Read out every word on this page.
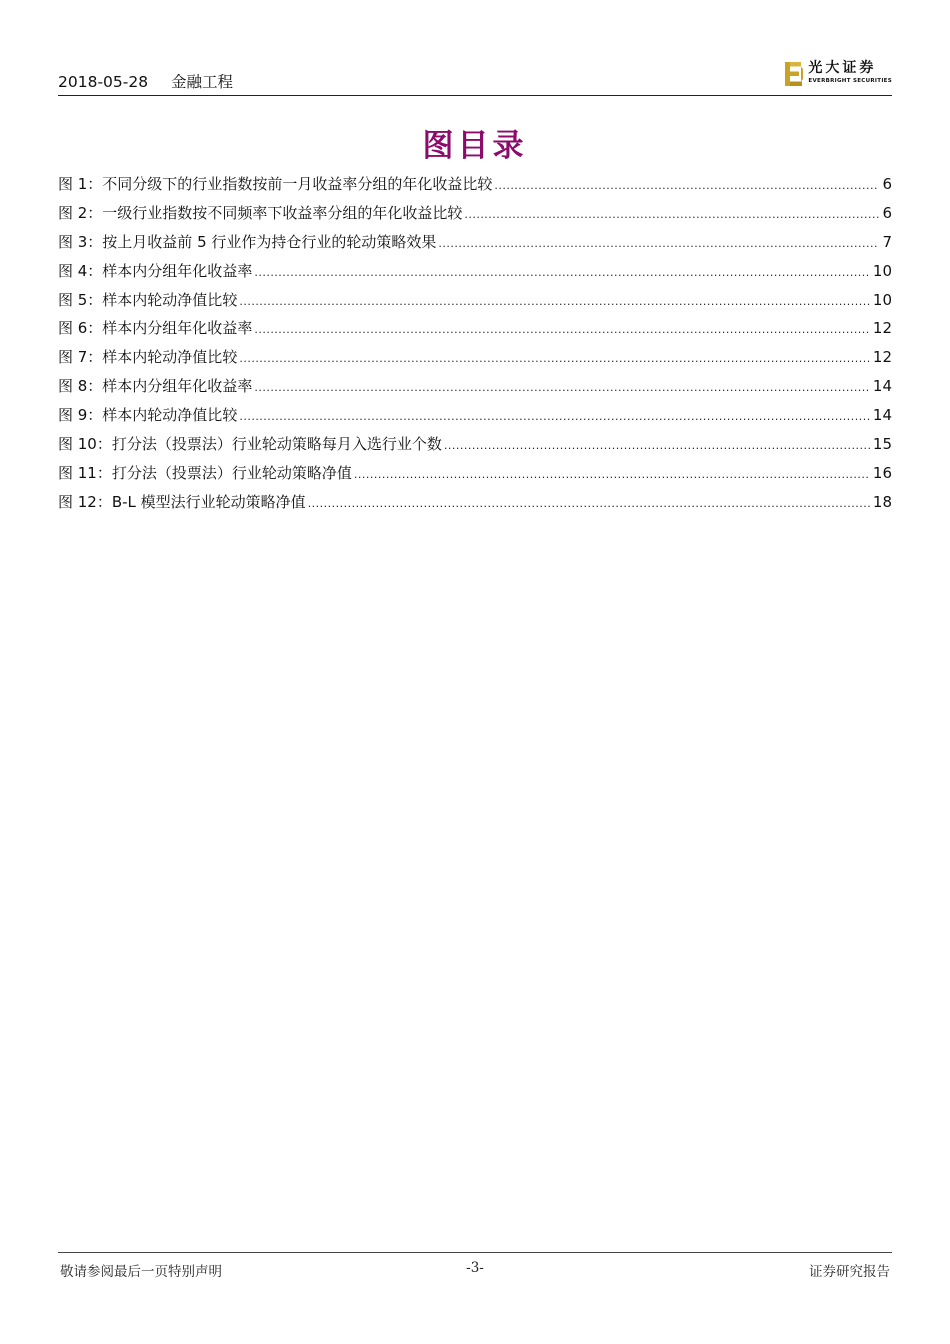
2018-05-28 金融工程
光大证券
EVERBRIGHT SECURITIES
图目录
图 1：不同分级下的行业指数按前一月收益率分组的年化收益比较 .....	6
图 2：一级行业指数按不同频率下收益率分组的年化收益比较 .....	6
图 3：按上月收益前 5 行业作为持仓行业的轮动策略效果 .....	7
图 4：样本内分组年化收益率 .....	10
图 5：样本内轮动净值比较 .....	10
图 6：样本内分组年化收益率 .....	12
图 7：样本内轮动净值比较 .....	12
图 8：样本内分组年化收益率 .....	14
图 9：样本内轮动净值比较 .....	14
图 10：打分法（投票法）行业轮动策略每月入选行业个数 .....	15
图 11：打分法（投票法）行业轮动策略净值 .....	16
图 12：B-L 模型法行业轮动策略净值 .....	18
敬请参阅最后一页特别声明	-3-	证券研究报告
